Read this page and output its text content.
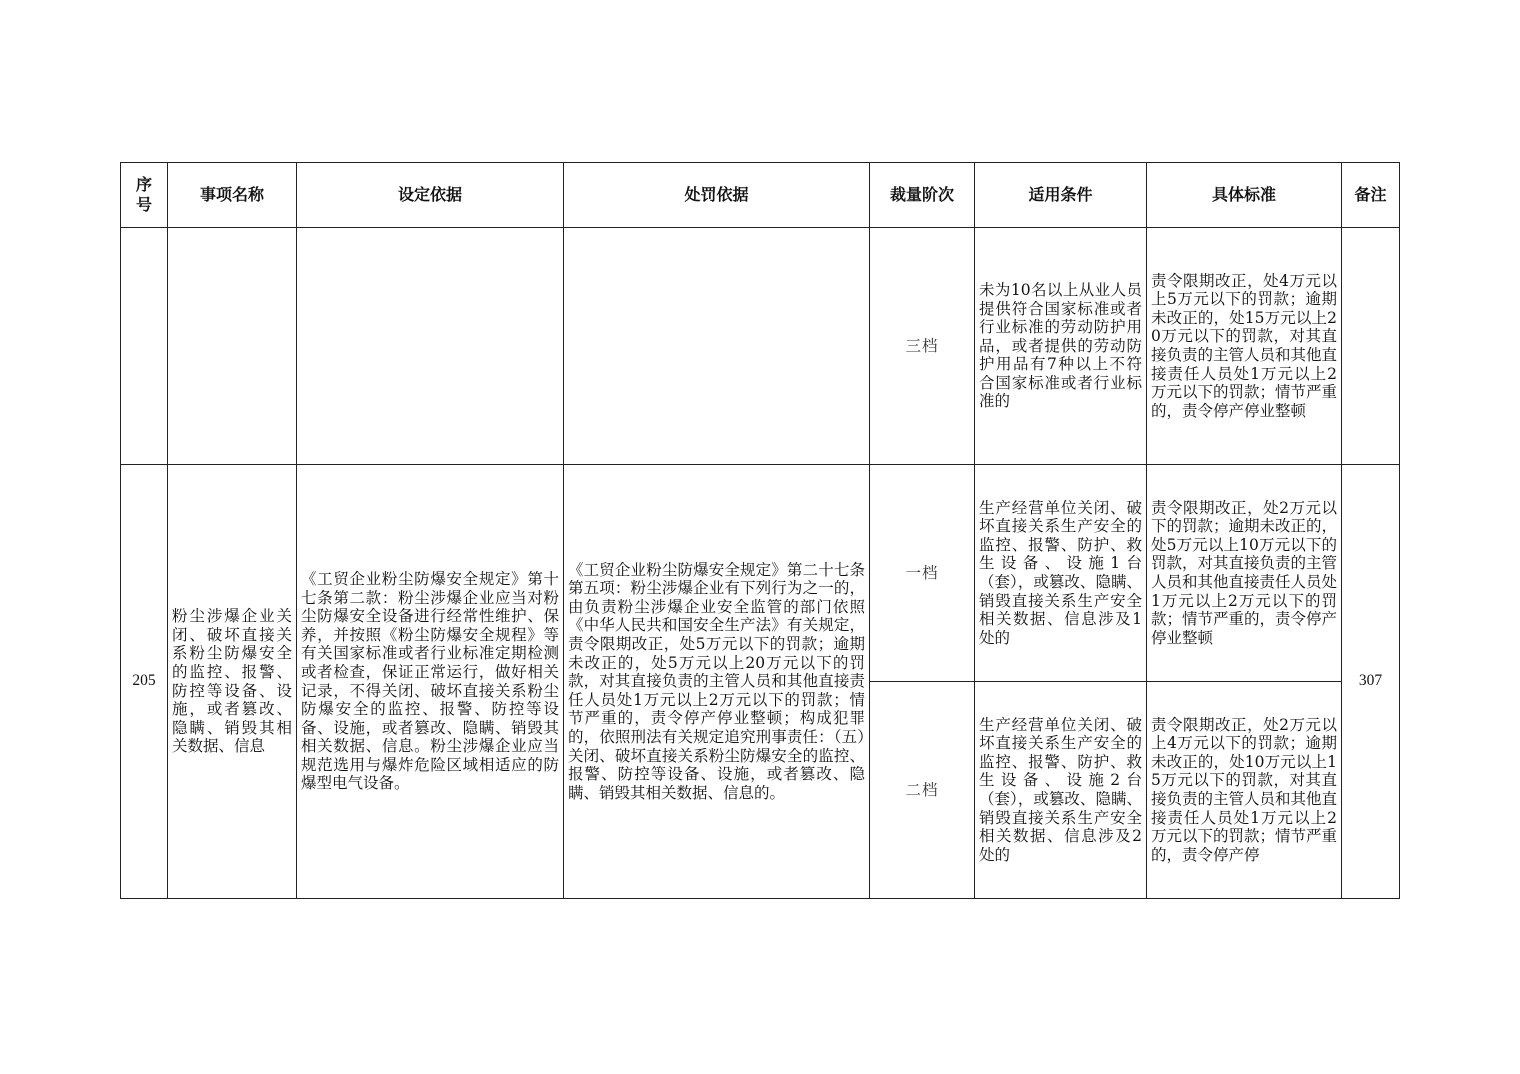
序
号	事项名称	设定依据	处罚依据	裁量阶次	适用条件	具体标准	备注
				三档	未为10名以上从业人员提供符合国家标准或者行业标准的劳动防护用品，或者提供的劳动防护用品有7种以上不符合国家标准或者行业标准的	责令限期改正，处4万元以上5万元以下的罚款；逾期未改正的，处15万元以上20万元以下的罚款，对其直接负责的主管人员和其他直接责任人员处1万元以上2万元以下的罚款；情节严重的，责令停产停业整顿	
205	粉尘涉爆企业关闭、破坏直接关系粉尘防爆安全的监控、报警、防控等设备、设施，或者篡改、隐瞒、销毁其相关数据、信息	《工贸企业粉尘防爆安全规定》第十七条第二款：粉尘涉爆企业应当对粉尘防爆安全设备进行经常性维护、保养，并按照《粉尘防爆安全规程》等有关国家标准或者行业标准定期检测或者检查，保证正常运行，做好相关记录，不得关闭、破坏直接关系粉尘防爆安全的监控、报警、防控等设备、设施，或者篡改、隐瞒、销毁其相关数据、信息。粉尘涉爆企业应当规范选用与爆炸危险区域相适应的防爆型电气设备。	《工贸企业粉尘防爆安全规定》第二十七条第五项：粉尘涉爆企业有下列行为之一的，由负责粉尘涉爆企业安全监管的部门依照《中华人民共和国安全生产法》有关规定，责令限期改正，处5万元以下的罚款；逾期未改正的，处5万元以上20万元以下的罚款，对其直接负责的主管人员和其他直接责任人员处1万元以上2万元以下的罚款；情节严重的，责令停产停业整顿；构成犯罪的，依照刑法有关规定追究刑事责任：（五）关闭、破坏直接关系粉尘防爆安全的监控、报警、防控等设备、设施，或者篡改、隐瞒、销毁其相关数据、信息的。	一档	生产经营单位关闭、破坏直接关系生产安全的监控、报警、防护、救生设备、设施1台（套），或篡改、隐瞒、销毁直接关系生产安全相关数据、信息涉及1处的	责令限期改正，处2万元以下的罚款；逾期未改正的，处5万元以上10万元以下的罚款，对其直接负责的主管人员和其他直接责任人员处1万元以上2万元以下的罚款；情节严重的，责令停产停业整顿	307
				二档	生产经营单位关闭、破坏直接关系生产安全的监控、报警、防护、救生设备、设施2台（套），或篡改、隐瞒、销毁直接关系生产安全相关数据、信息涉及2处的	责令限期改正，处2万元以上4万元以下的罚款；逾期未改正的，处10万元以上15万元以下的罚款，对其直接负责的主管人员和其他直接责任人员处1万元以上2万元以下的罚款；情节严重的，责令停产停	
